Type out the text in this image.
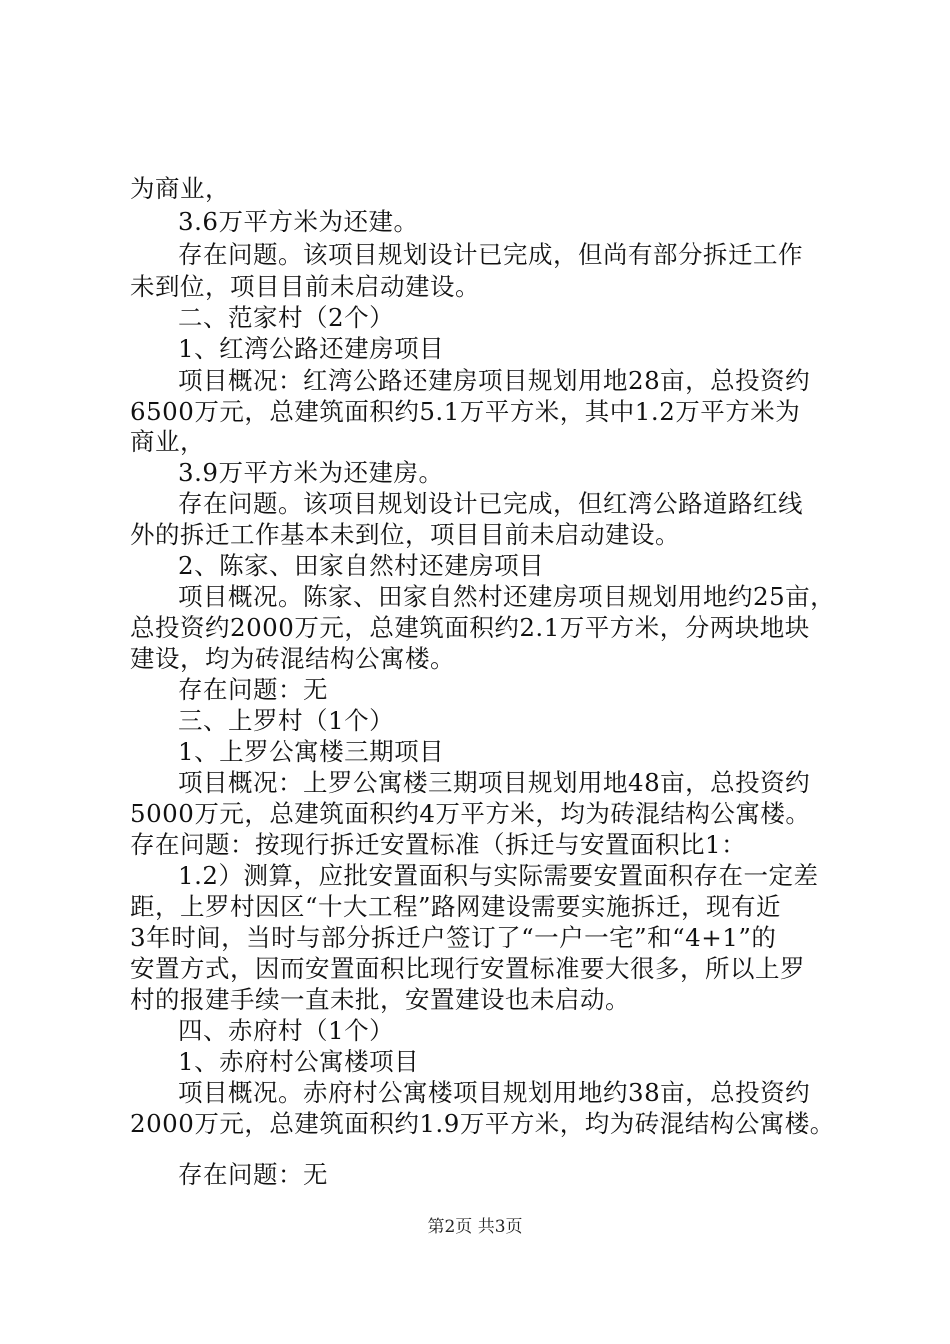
为商业，
3.6万平方米为还建。
存在问题。该项目规划设计已完成，但尚有部分拆迁工作
未到位，项目目前未启动建设。
二、范家村（2个）
1、红湾公路还建房项目
项目概况：红湾公路还建房项目规划用地28亩，总投资约
6500万元，总建筑面积约5.1万平方米，其中1.2万平方米为
商业，
3.9万平方米为还建房。
存在问题。该项目规划设计已完成，但红湾公路道路红线
外的拆迁工作基本未到位，项目目前未启动建设。
2、陈家、田家自然村还建房项目
项目概况。陈家、田家自然村还建房项目规划用地约25亩，
总投资约2000万元，总建筑面积约2.1万平方米，分两块地块
建设，均为砖混结构公寓楼。
存在问题：无
三、上罗村（1个）
1、上罗公寓楼三期项目
项目概况：上罗公寓楼三期项目规划用地48亩，总投资约
5000万元，总建筑面积约4万平方米，均为砖混结构公寓楼。
存在问题：按现行拆迁安置标准（拆迁与安置面积比1：
1.2）测算，应批安置面积与实际需要安置面积存在一定差
距，上罗村因区“十大工程”路网建设需要实施拆迁，现有近
3年时间，当时与部分拆迁户签订了“一户一宅”和“4+1”的
安置方式，因而安置面积比现行安置标准要大很多，所以上罗
村的报建手续一直未批，安置建设也未启动。
四、赤府村（1个）
1、赤府村公寓楼项目
项目概况。赤府村公寓楼项目规划用地约38亩，总投资约
2000万元，总建筑面积约1.9万平方米，均为砖混结构公寓楼。
存在问题：无
第2页 共3页
